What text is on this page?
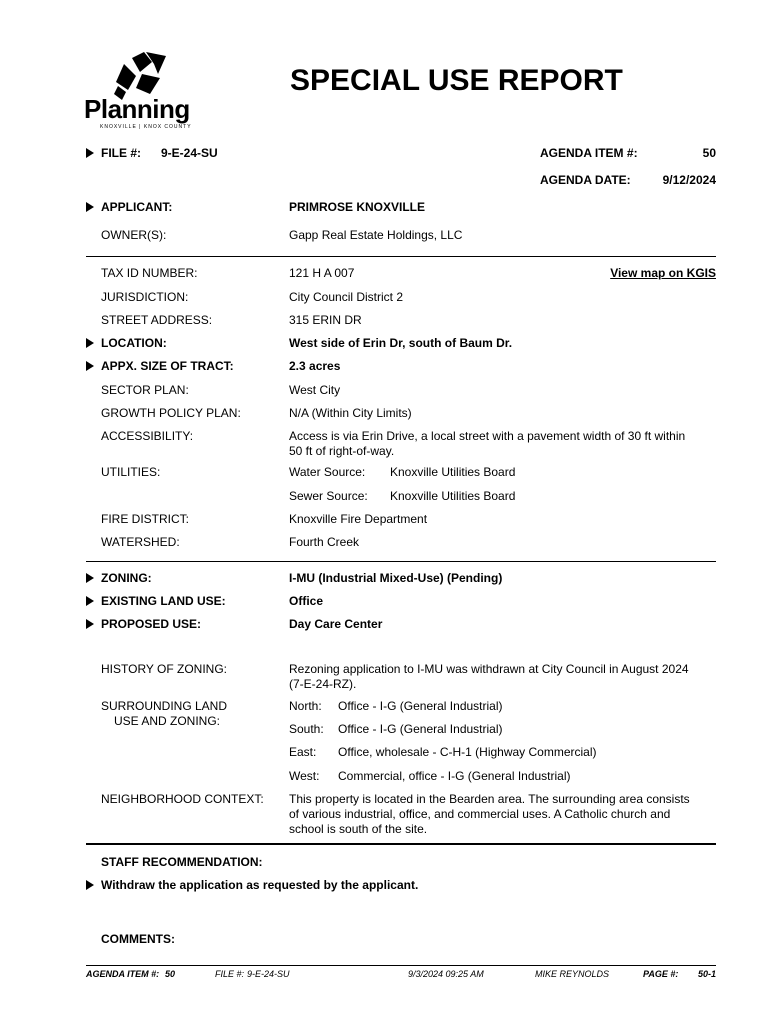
Planning
KNOXVILLE | KNOX COUNTY
SPECIAL USE REPORT
FILE #: 9-E-24-SU	AGENDA ITEM #:	50
AGENDA DATE:	9/12/2024
APPLICANT:	PRIMROSE KNOXVILLE
OWNER(S):	Gapp Real Estate Holdings, LLC
TAX ID NUMBER:	121 H A 007	View map on KGIS
JURISDICTION:	City Council District 2
STREET ADDRESS:	315 ERIN DR
LOCATION:	West side of Erin Dr, south of Baum Dr.
APPX. SIZE OF TRACT:	2.3 acres
SECTOR PLAN:	West City
GROWTH POLICY PLAN:	N/A (Within City Limits)
ACCESSIBILITY:	Access is via Erin Drive, a local street with a pavement width of 30 ft within
50 ft of right-of-way.
UTILITIES:	Water Source: Knoxville Utilities Board
Sewer Source: Knoxville Utilities Board
FIRE DISTRICT:	Knoxville Fire Department
WATERSHED:	Fourth Creek
ZONING:	I-MU (Industrial Mixed-Use) (Pending)
EXISTING LAND USE:	Office
PROPOSED USE:	Day Care Center
HISTORY OF ZONING:	Rezoning application to I-MU was withdrawn at City Council in August 2024
(7-E-24-RZ).
SURROUNDING LAND
USE AND ZONING:
North: Office - I-G (General Industrial)
South: Office - I-G (General Industrial)
East: Office, wholesale - C-H-1 (Highway Commercial)
West: Commercial, office - I-G (General Industrial)
NEIGHBORHOOD CONTEXT: This property is located in the Bearden area. The surrounding area consists
of various industrial, office, and commercial uses. A Catholic church and
school is south of the site.
STAFF RECOMMENDATION:
Withdraw the application as requested by the applicant.
COMMENTS:
AGENDA ITEM #: 50	FILE #: 9-E-24-SU	9/3/2024 09:25 AM	MIKE REYNOLDS	PAGE #: 50-1
